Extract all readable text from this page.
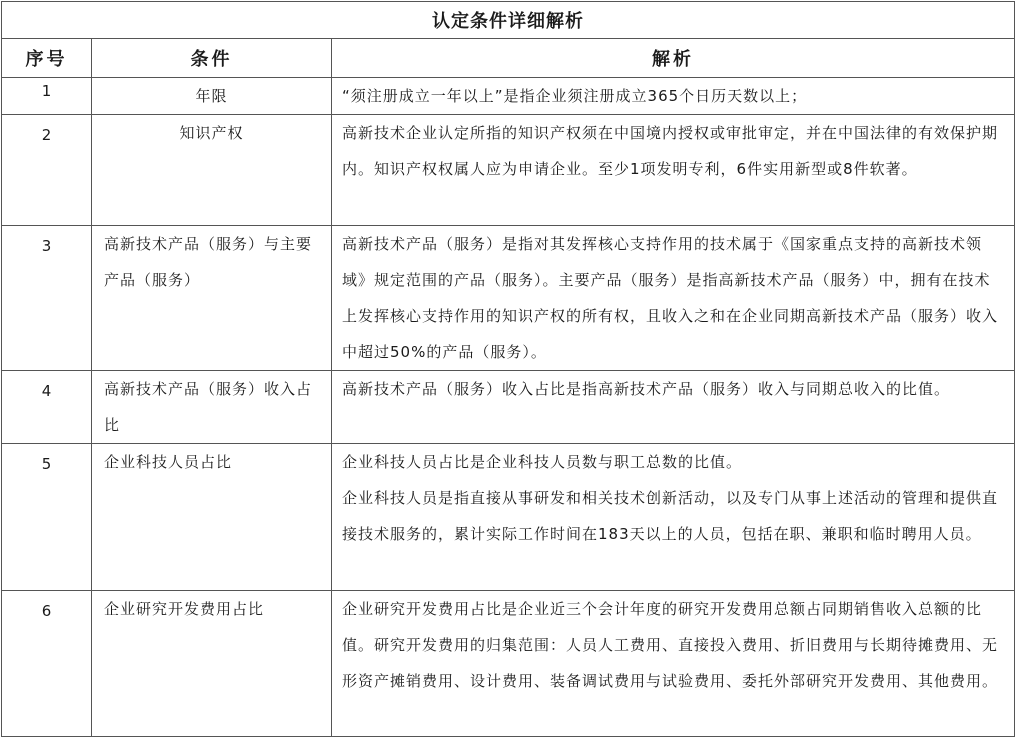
认定条件详细解析		
序号	条件	解析
1	年限	“须注册成立一年以上”是指企业须注册成立365个日历天数以上；

2	知识产权	高新技术企业认定所指的知识产权须在中国境内授权或审批审定，并在中国法律的有效保护期内。知识产权权属人应为申请企业。至少1项发明专利，6件实用新型或8件软著。

3	高新技术产品（服务）与主要产品（服务）	高新技术产品（服务）是指对其发挥核心支持作用的技术属于《国家重点支持的高新技术领域》规定范围的产品（服务）。主要产品（服务）是指高新技术产品（服务）中，拥有在技术上发挥核心支持作用的知识产权的所有权，且收入之和在企业同期高新技术产品（服务）收入中超过50%的产品（服务）。

4	高新技术产品（服务）收入占比	高新技术产品（服务）收入占比是指高新技术产品（服务）收入与同期总收入的比值。

5	企业科技人员占比	企业科技人员占比是企业科技人员数与职工总数的比值。

企业科技人员是指直接从事研发和相关技术创新活动，以及专门从事上述活动的管理和提供直接技术服务的，累计实际工作时间在183天以上的人员，包括在职、兼职和临时聘用人员。

6	企业研究开发费用占比	企业研究开发费用占比是企业近三个会计年度的研究开发费用总额占同期销售收入总额的比值。研究开发费用的归集范围：人员人工费用、直接投入费用、折旧费用与长期待摊费用、无形资产摊销费用、设计费用、装备调试费用与试验费用、委托外部研究开发费用、其他费用。
